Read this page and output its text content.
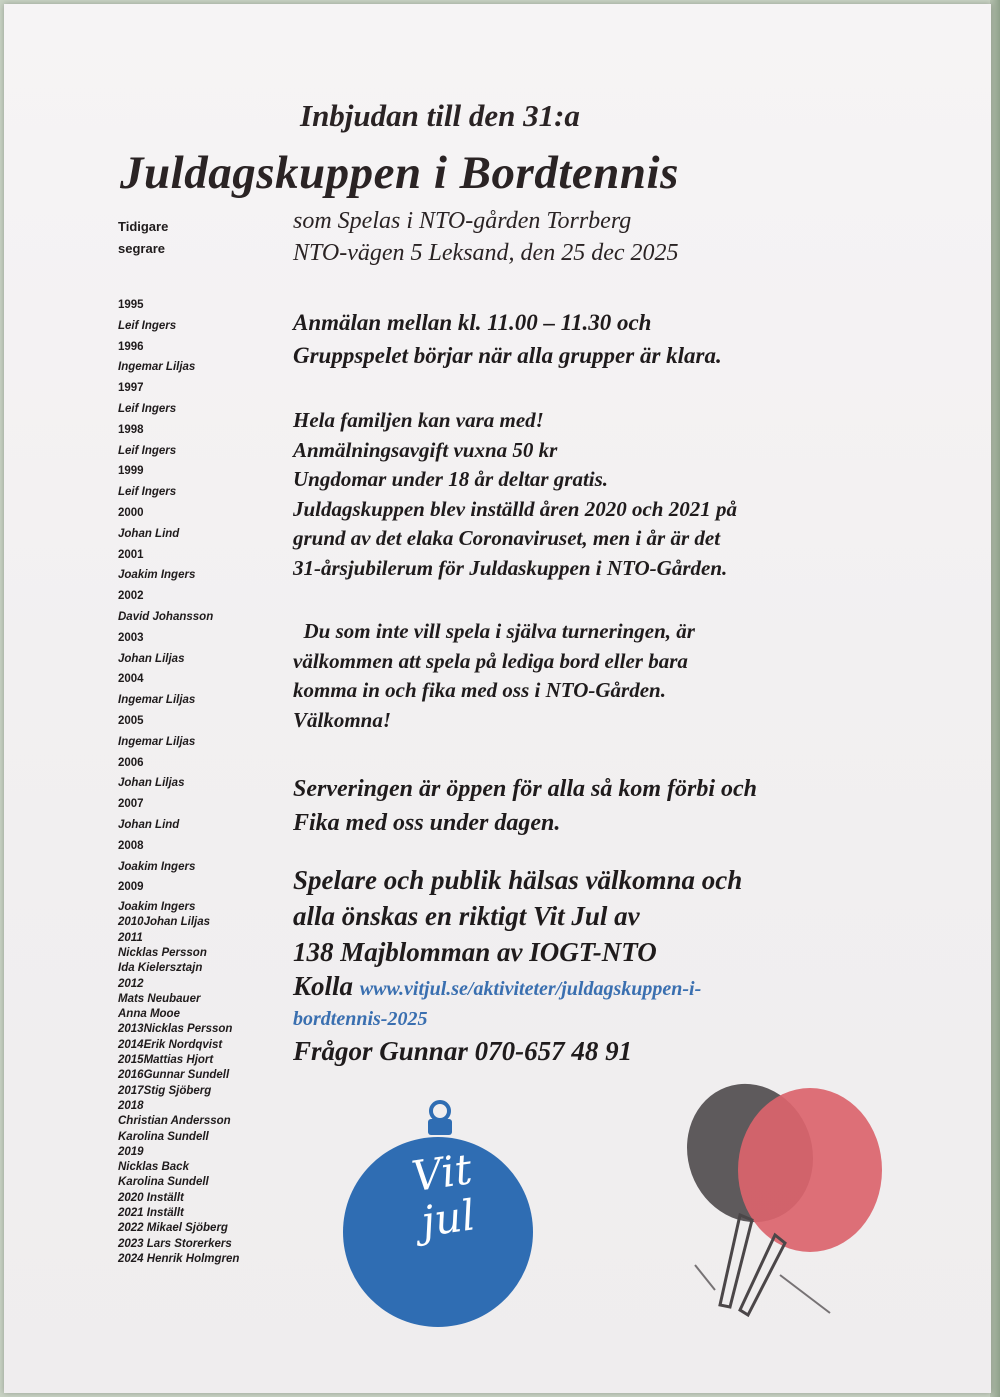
Inbjudan till den 31:a
Juldagskuppen i Bordtennis
Tidigare
segrare
1995
Leif Ingers
1996
Ingemar Liljas
1997
Leif Ingers
1998
Leif Ingers
1999
Leif Ingers
2000
Johan Lind
2001
Joakim Ingers
2002
David Johansson
2003
Johan Liljas
2004
Ingemar Liljas
2005
Ingemar Liljas
2006
Johan Liljas
2007
Johan Lind
2008
Joakim Ingers
2009
Joakim Ingers
2010Johan Liljas
2011
Nicklas Persson
Ida Kielersztajn
2012
Mats Neubauer
Anna Mooe
2013Nicklas Persson
2014Erik Nordqvist
2015Mattias Hjort
2016Gunnar Sundell
2017Stig Sjöberg
2018
Christian Andersson
Karolina Sundell
2019
Nicklas Back
Karolina Sundell
2020 Inställt
2021 Inställt
2022 Mikael Sjöberg
2023 Lars Storerkers
2024 Henrik Holmgren
som Spelas i NTO-gården Torrberg
NTO-vägen 5 Leksand, den 25 dec 2025
Anmälan mellan kl. 11.00 – 11.30 och
Gruppspelet börjar när alla grupper är klara.
Hela familjen kan vara med!
Anmälningsavgift vuxna 50 kr
Ungdomar under 18 år deltar gratis.
Juldagskuppen blev inställd åren 2020 och 2021 på
grund av det elaka Coronaviruset, men i år är det
31-årsjubilerum för Juldaskuppen i NTO-Gården.
Du som inte vill spela i själva turneringen, är
välkommen att spela på lediga bord eller bara
komma in och fika med oss i NTO-Gården.
Välkomna!
Serveringen är öppen för alla så kom förbi och
Fika med oss under dagen.
Spelare och publik hälsas välkomna och
alla önskas en riktigt Vit Jul av
138 Majblomman av IOGT-NTO
Kolla www.vitjul.se/aktiviteter/juldagskuppen-i-
bordtennis-2025
Frågor Gunnar 070-657 48 91
Vit
jul
